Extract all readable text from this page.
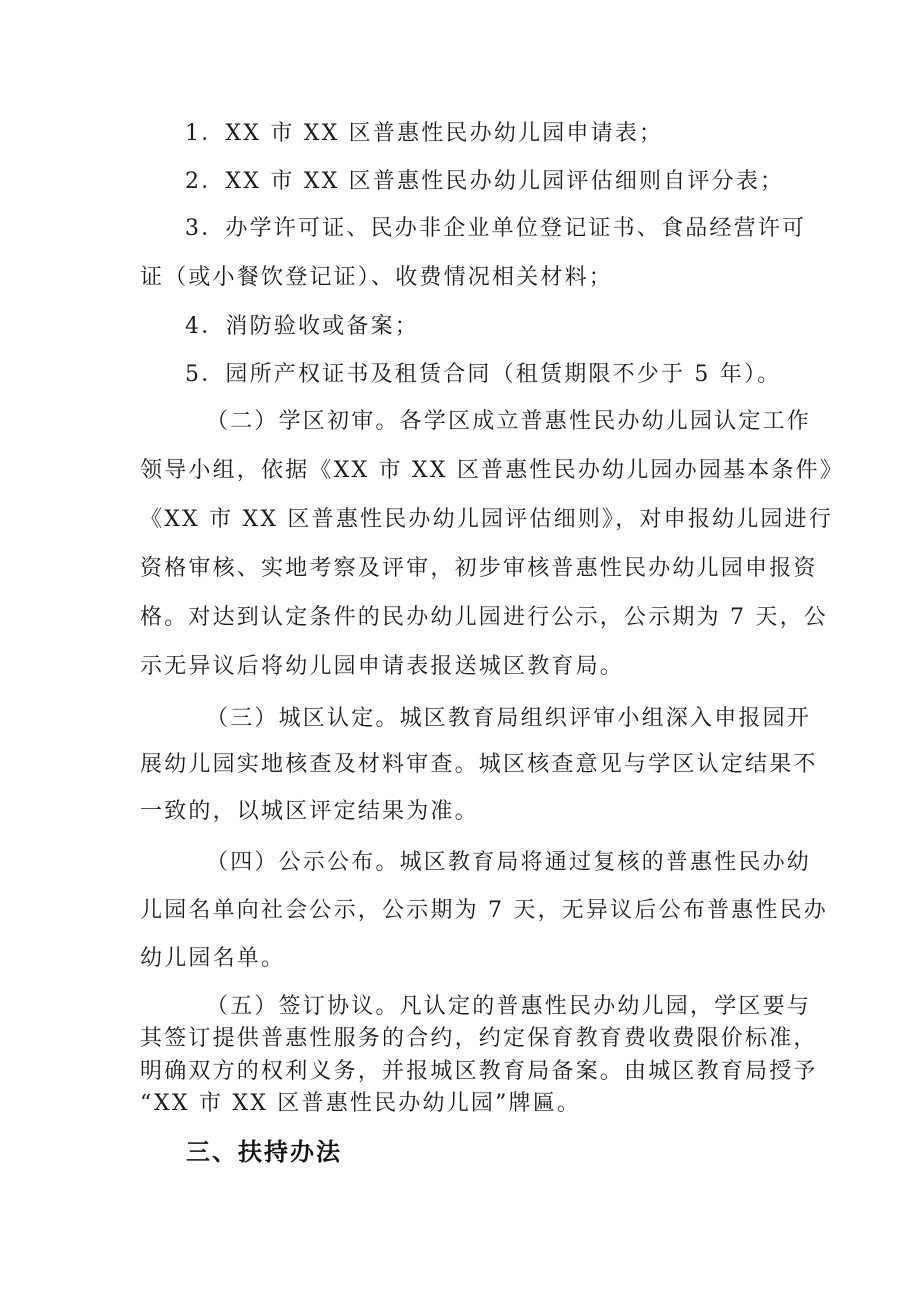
1．XX 市 XX 区普惠性民办幼儿园申请表；
2．XX 市 XX 区普惠性民办幼儿园评估细则自评分表；
3．办学许可证、民办非企业单位登记证书、食品经营许可
证（或小餐饮登记证）、收费情况相关材料；
4．消防验收或备案；
5．园所产权证书及租赁合同（租赁期限不少于 5 年）。
（二）学区初审。各学区成立普惠性民办幼儿园认定工作
领导小组，依据《XX 市 XX 区普惠性民办幼儿园办园基本条件》
《XX 市 XX 区普惠性民办幼儿园评估细则》，对申报幼儿园进行
资格审核、实地考察及评审，初步审核普惠性民办幼儿园申报资
格。对达到认定条件的民办幼儿园进行公示，公示期为 7 天，公
示无异议后将幼儿园申请表报送城区教育局。
（三）城区认定。城区教育局组织评审小组深入申报园开
展幼儿园实地核查及材料审查。城区核查意见与学区认定结果不
一致的，以城区评定结果为准。
（四）公示公布。城区教育局将通过复核的普惠性民办幼
儿园名单向社会公示，公示期为 7 天，无异议后公布普惠性民办
幼儿园名单。
（五）签订协议。凡认定的普惠性民办幼儿园，学区要与
其签订提供普惠性服务的合约，约定保育教育费收费限价标准，
明确双方的权利义务，并报城区教育局备案。由城区教育局授予
“XX 市 XX 区普惠性民办幼儿园”牌匾。
三、扶持办法
